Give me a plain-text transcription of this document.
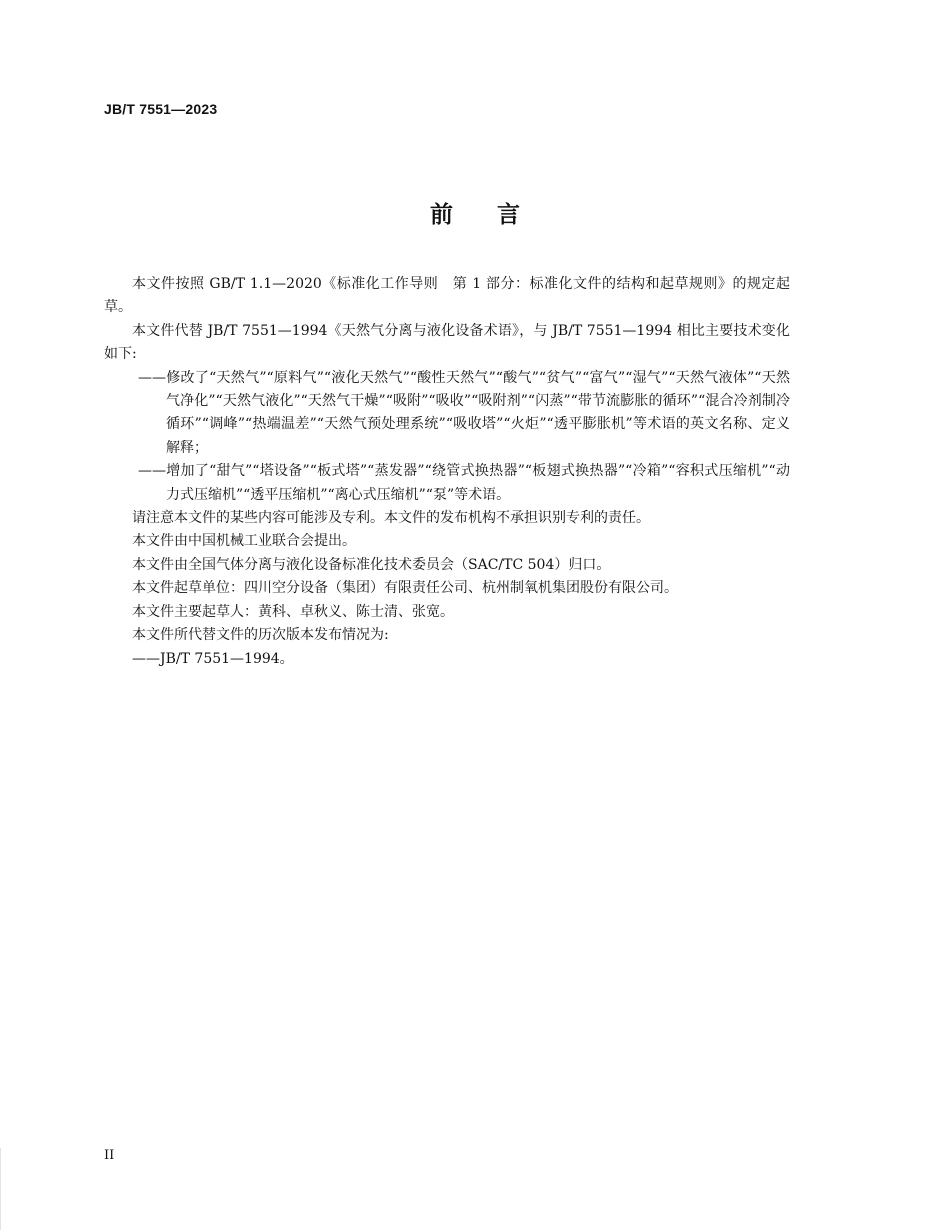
JB/T 7551—2023
前 言

本文件按照 GB/T 1.1—2020《标准化工作导则　第 1 部分：标准化文件的结构和起草规则》的规定起草。

本文件代替 JB/T 7551—1994《天然气分离与液化设备术语》，与 JB/T 7551—1994 相比主要技术变化如下:

——修改了“天然气”“原料气”“液化天然气”“酸性天然气”“酸气”“贫气”“富气”“湿气”“天然气液体”“天然气净化”“天然气液化”“天然气干燥”“吸附”“吸收”“吸附剂”“闪蒸”“带节流膨胀的循环”“混合冷剂制冷循环”“调峰”“热端温差”“天然气预处理系统”“吸收塔”“火炬”“透平膨胀机”等术语的英文名称、定义解释；

——增加了“甜气”“塔设备”“板式塔”“蒸发器”“绕管式换热器”“板翅式换热器”“冷箱”“容积式压缩机”“动力式压缩机”“透平压缩机”“离心式压缩机”“泵”等术语。

请注意本文件的某些内容可能涉及专利。本文件的发布机构不承担识别专利的责任。

本文件由中国机械工业联合会提出。

本文件由全国气体分离与液化设备标准化技术委员会（SAC/TC 504）归口。

本文件起草单位：四川空分设备（集团）有限责任公司、杭州制氧机集团股份有限公司。

本文件主要起草人：黄科、卓秋义、陈士清、张宽。

本文件所代替文件的历次版本发布情况为:

——JB/T 7551—1994。

II
